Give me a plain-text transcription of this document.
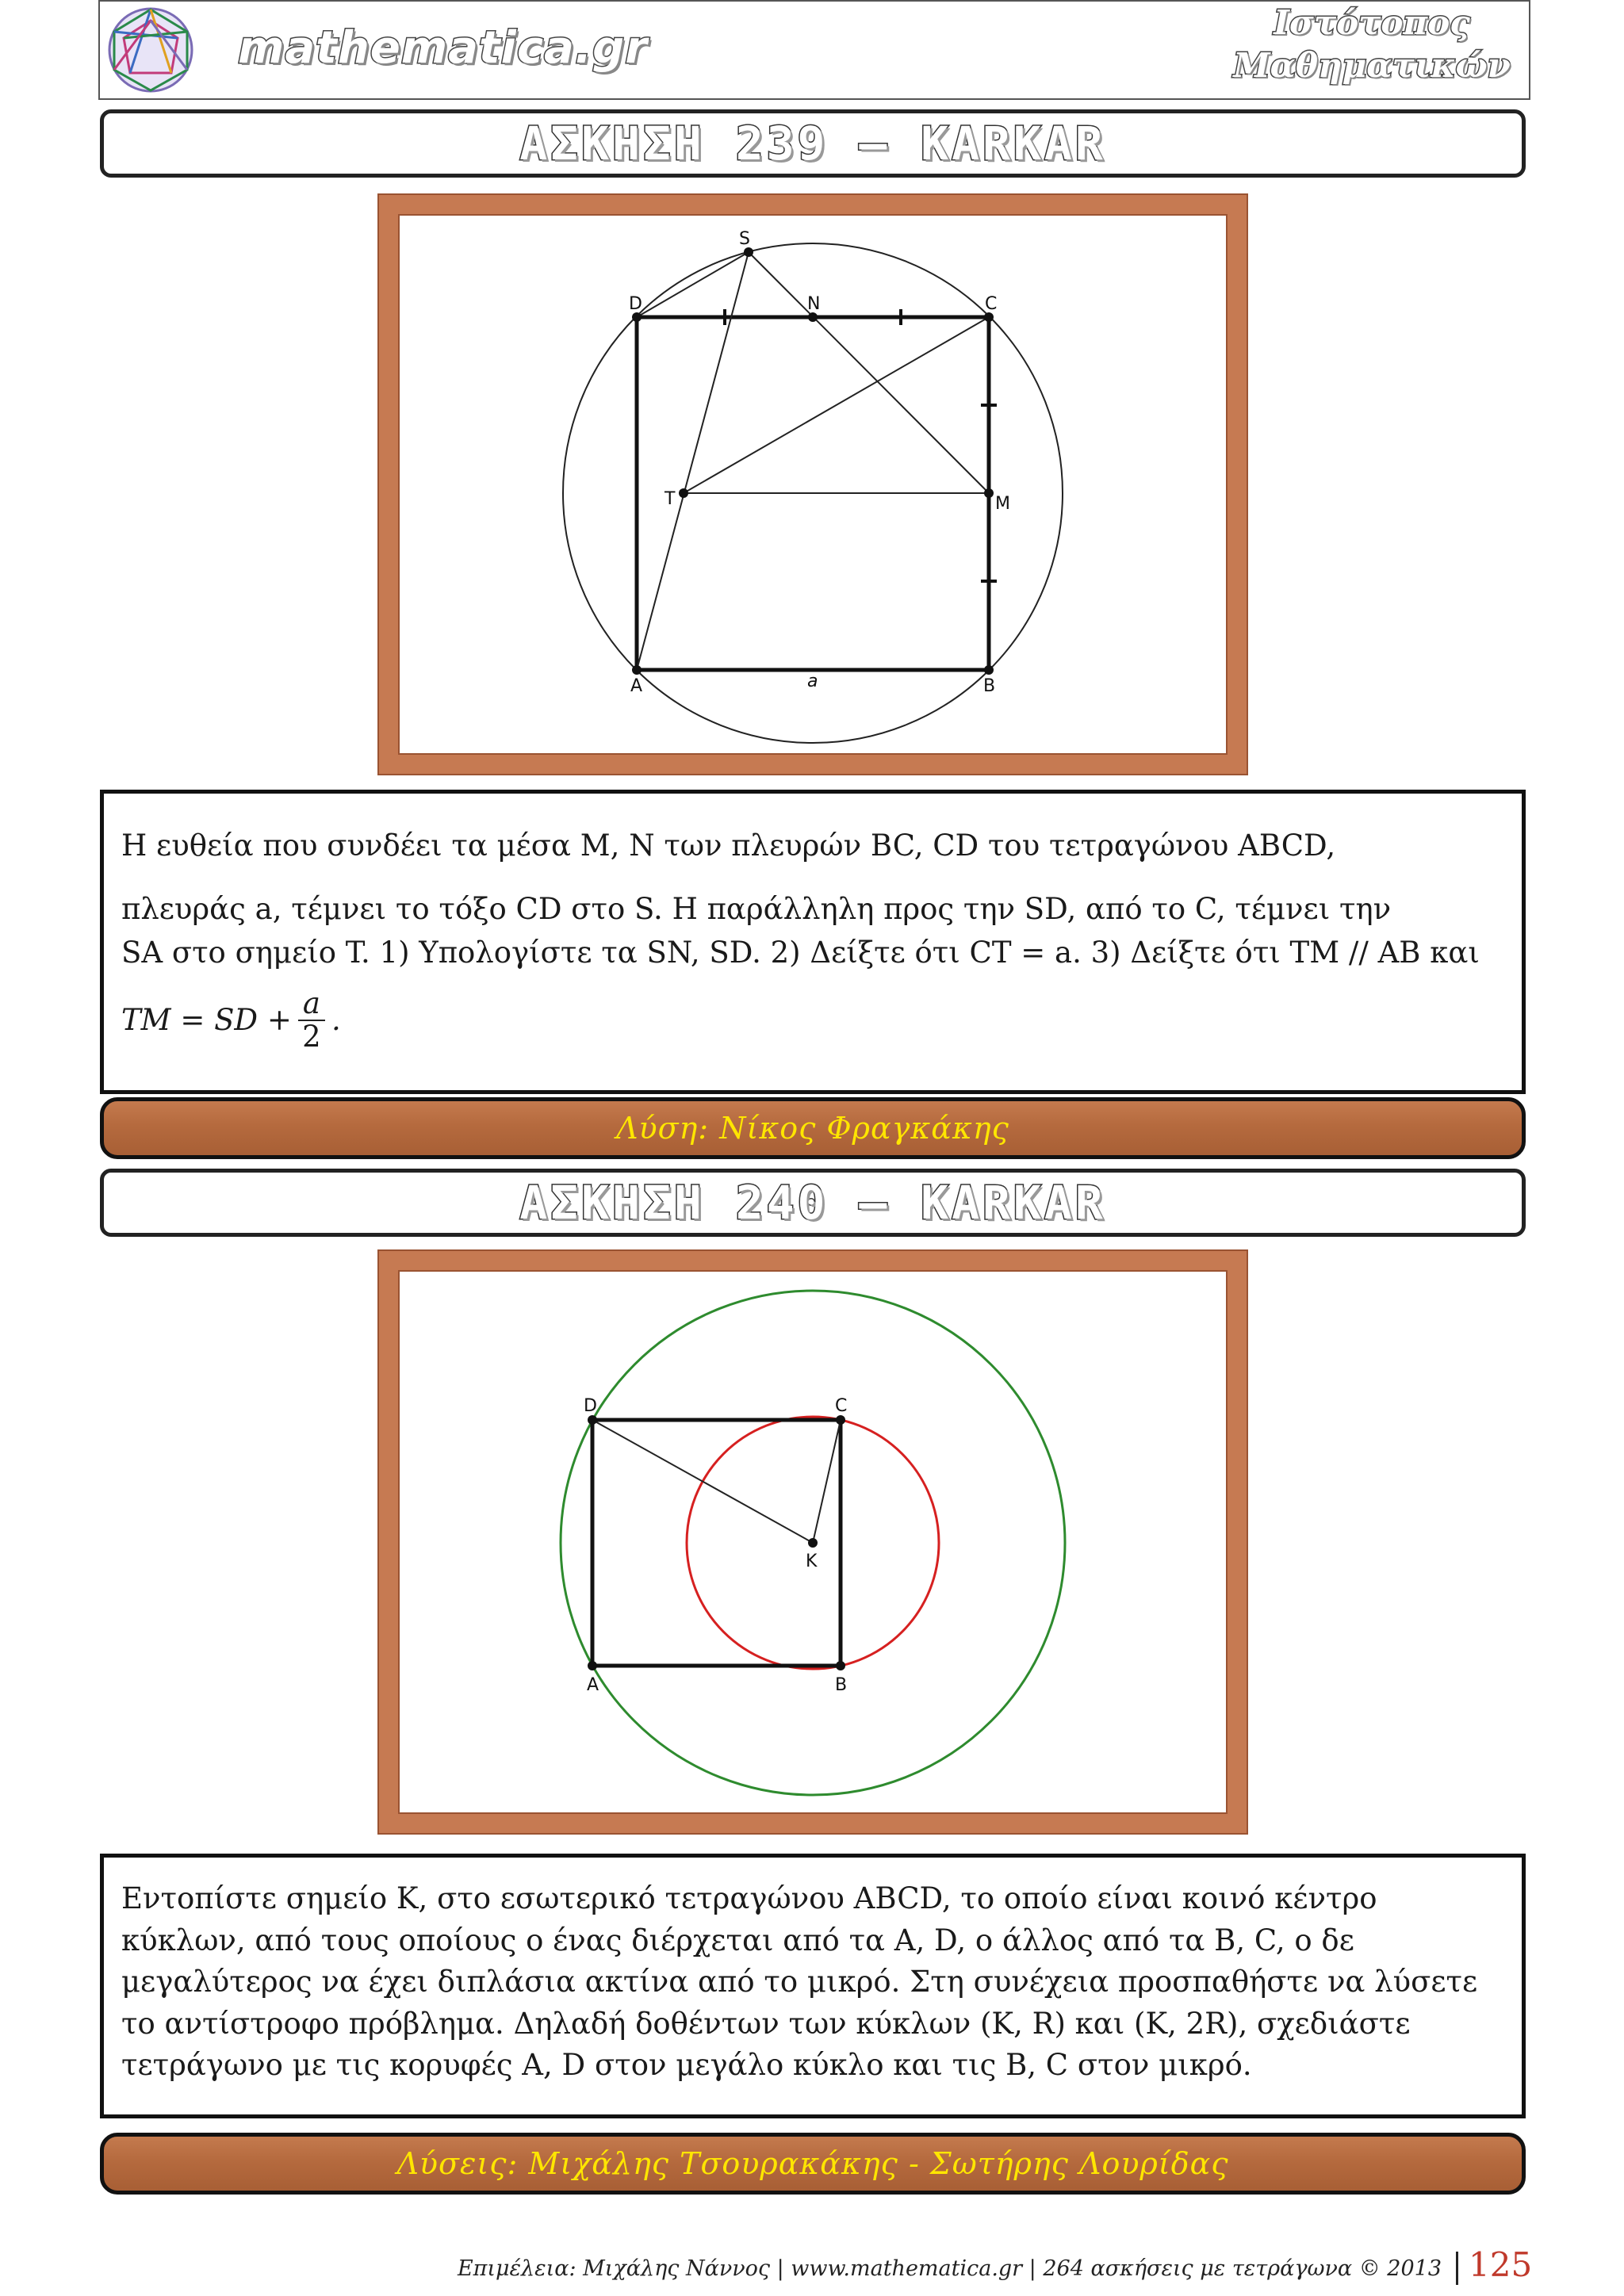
mathematica.gr	Ιστότοπος
Μαθηματικών
ΑΣΚΗΣΗ 239 – KARKAR
S
D	N	C
T	M
A	B
a

Η ευθεία που συνδέει τα μέσα M, N των πλευρών BC, CD του τετραγώνου ABCD,

πλευράς a, τέμνει το τόξο CD στο S. Η παράλληλη προς την SD, από το C, τέμνει την

SA στο σημείο T. 1) Υπολογίστε τα SN, SD. 2) Δείξτε ότι CT = a. 3) Δείξτε ότι TM // AB και

TM = SD + $\frac{a}{2}$ .
Λύση: Νίκος Φραγκάκης
ΑΣΚΗΣΗ 240 – KARKAR
D	C
K
A	B

Εντοπίστε σημείο K, στο εσωτερικό τετραγώνου ABCD, το οποίο είναι κοινό κέντρο

κύκλων, από τους οποίους ο ένας διέρχεται από τα A, D, ο άλλος από τα B, C, ο δε

μεγαλύτερος να έχει διπλάσια ακτίνα από το μικρό. Στη συνέχεια προσπαθήστε να λύσετε

το αντίστροφο πρόβλημα. Δηλαδή δοθέντων των κύκλων (K, R) και (K, 2R), σχεδιάστε

τετράγωνο με τις κορυφές A, D στον μεγάλο κύκλο και τις B, C στον μικρό.

Λύσεις: Μιχάλης Τσουρακάκης - Σωτήρης Λουρίδας
Επιμέλεια: Μιχάλης Νάννος | www.mathematica.gr | 264 ασκήσεις με τετράγωνα © 2013 125
